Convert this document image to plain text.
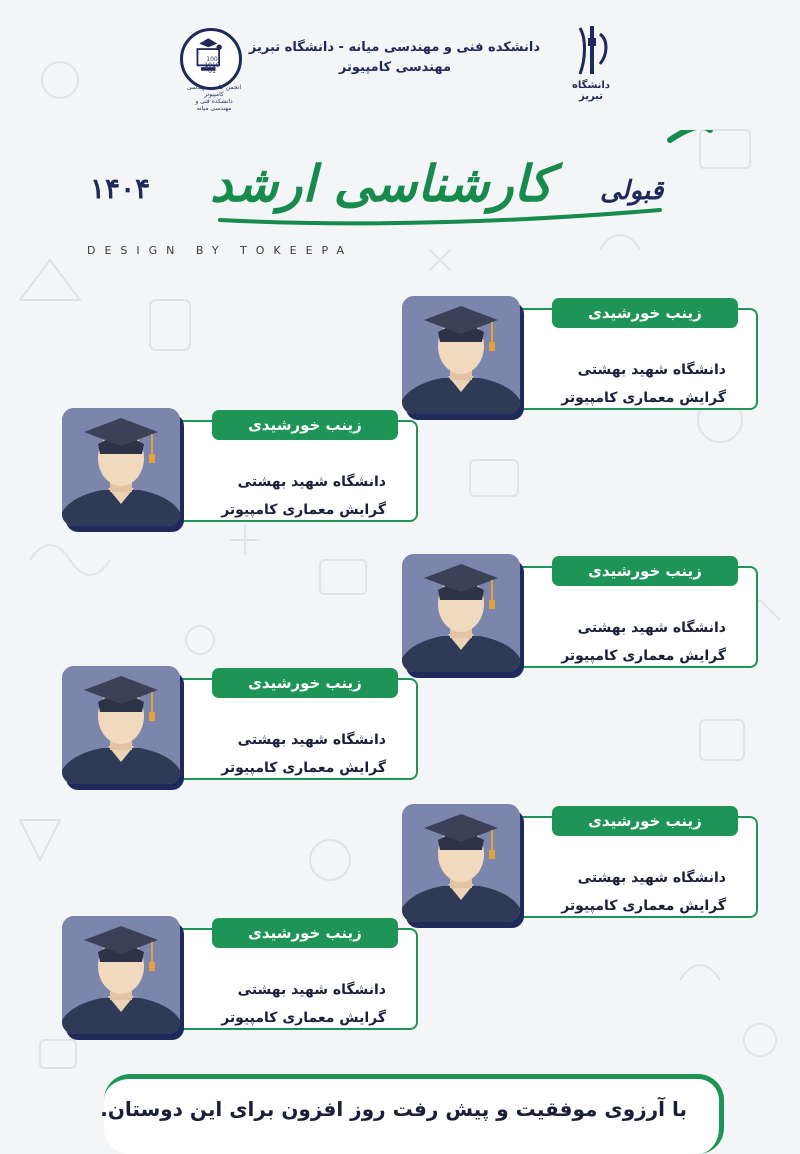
100 1010 01
انجمن علمی مهندسی کامپیوتر
دانشکده فنی و مهندسی میانه
دانشکده فنی و مهندسی میانه - دانشگاه تبریز
مهندسی کامپیوتر
دانشگاه تبریز
۱۴۰۴ کارشناسی ارشد قبولی
DESIGN BY TOKEEPA
دانشگاه شهید بهشتی
گرایش معماری کامپیوتر
زینب خورشیدی
دانشگاه شهید بهشتی
گرایش معماری کامپیوتر
زینب خورشیدی
دانشگاه شهید بهشتی
گرایش معماری کامپیوتر
زینب خورشیدی
دانشگاه شهید بهشتی
گرایش معماری کامپیوتر
زینب خورشیدی
دانشگاه شهید بهشتی
گرایش معماری کامپیوتر
زینب خورشیدی
دانشگاه شهید بهشتی
گرایش معماری کامپیوتر
زینب خورشیدی
با آرزوی موفقیت و پیش رفت روز افزون برای این دوستان.
